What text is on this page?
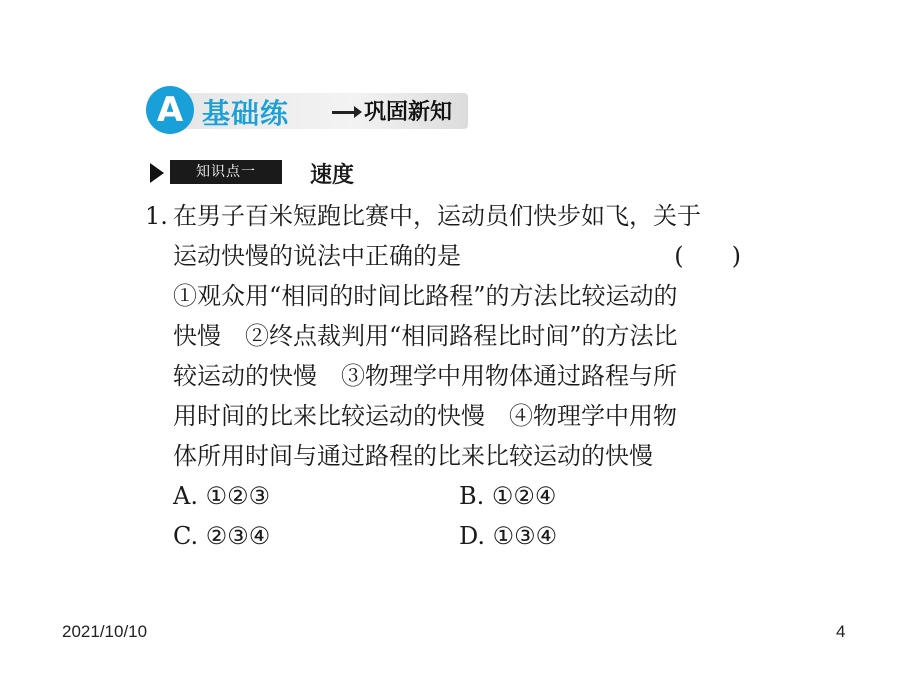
A 基础练	巩固新知
知识点一	速度
1. 在男子百米短跑比赛中，运动员们快步如飞，关于
运动快慢的说法中正确的是	(　　)
①观众用“相同的时间比路程”的方法比较运动的
快慢　②终点裁判用“相同路程比时间”的方法比
较运动的快慢　③物理学中用物体通过路程与所
用时间的比来比较运动的快慢　④物理学中用物
体所用时间与通过路程的比来比较运动的快慢
A. ①②③	B. ①②④
C. ②③④	D. ①③④
2021/10/10	4
